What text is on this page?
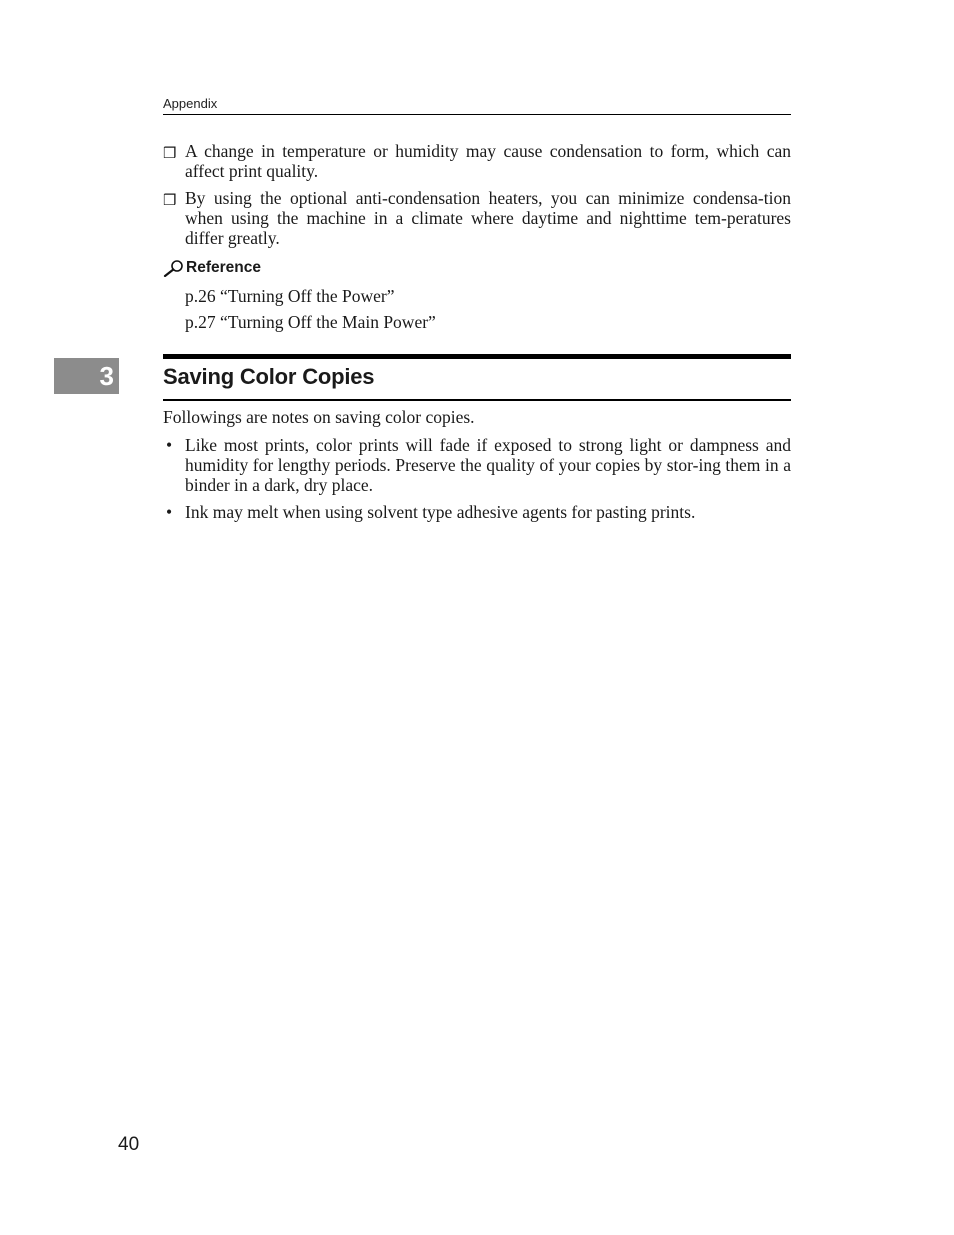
Appendix
❒ A change in temperature or humidity may cause condensation to form, which can affect print quality.
❒ By using the optional anti-condensation heaters, you can minimize condensa-tion when using the machine in a climate where daytime and nighttime tem-peratures differ greatly.
Reference
p.26 “Turning Off the Power”
p.27 “Turning Off the Main Power”
3 Saving Color Copies
Followings are notes on saving color copies.
• Like most prints, color prints will fade if exposed to strong light or dampness and humidity for lengthy periods. Preserve the quality of your copies by stor-ing them in a binder in a dark, dry place.
• Ink may melt when using solvent type adhesive agents for pasting prints.
40
